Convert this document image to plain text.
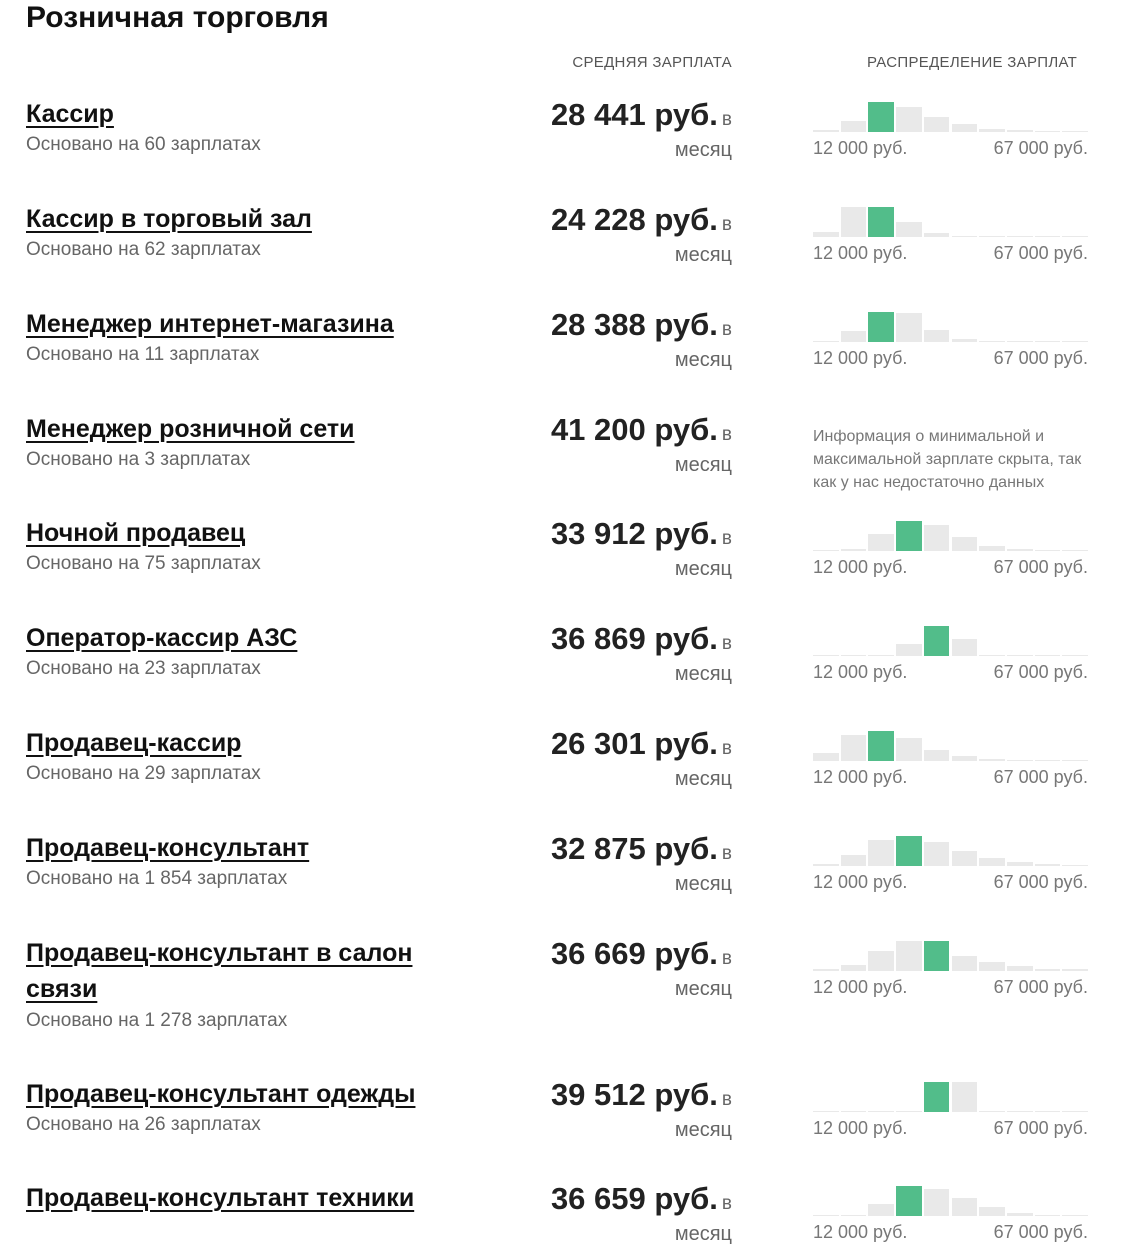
Розничная торговля
СРЕДНЯЯ ЗАРПЛАТА	РАСПРЕДЕЛЕНИЕ ЗАРПЛАТ
Кассир
Основано на 60 зарплатах
28 441 руб. в
месяц	12 000 руб.	67 000 руб.
Кассир в торговый зал
Основано на 62 зарплатах
24 228 руб. в
месяц	12 000 руб.	67 000 руб.
Менеджер интернет-магазина
Основано на 11 зарплатах
28 388 руб. в
месяц	12 000 руб.	67 000 руб.
Менеджер розничной сети
Основано на 3 зарплатах
41 200 руб. в
месяц
Информация о минимальной и максимальной зарплате скрыта, так как у нас недостаточно данных
Ночной продавец
Основано на 75 зарплатах
33 912 руб. в
месяц	12 000 руб.	67 000 руб.
Оператор-кассир АЗС
Основано на 23 зарплатах
36 869 руб. в
месяц	12 000 руб.	67 000 руб.
Продавец-кассир
Основано на 29 зарплатах
26 301 руб. в
месяц	12 000 руб.	67 000 руб.
Продавец-консультант
Основано на 1 854 зарплатах
32 875 руб. в
месяц	12 000 руб.	67 000 руб.
Продавец-консультант в салон связи
Основано на 1 278 зарплатах
36 669 руб. в
месяц	12 000 руб.	67 000 руб.
Продавец-консультант одежды
Основано на 26 зарплатах
39 512 руб. в
месяц	12 000 руб.	67 000 руб.
Продавец-консультант техники	36 659 руб. в
месяц	12 000 руб.	67 000 руб.
